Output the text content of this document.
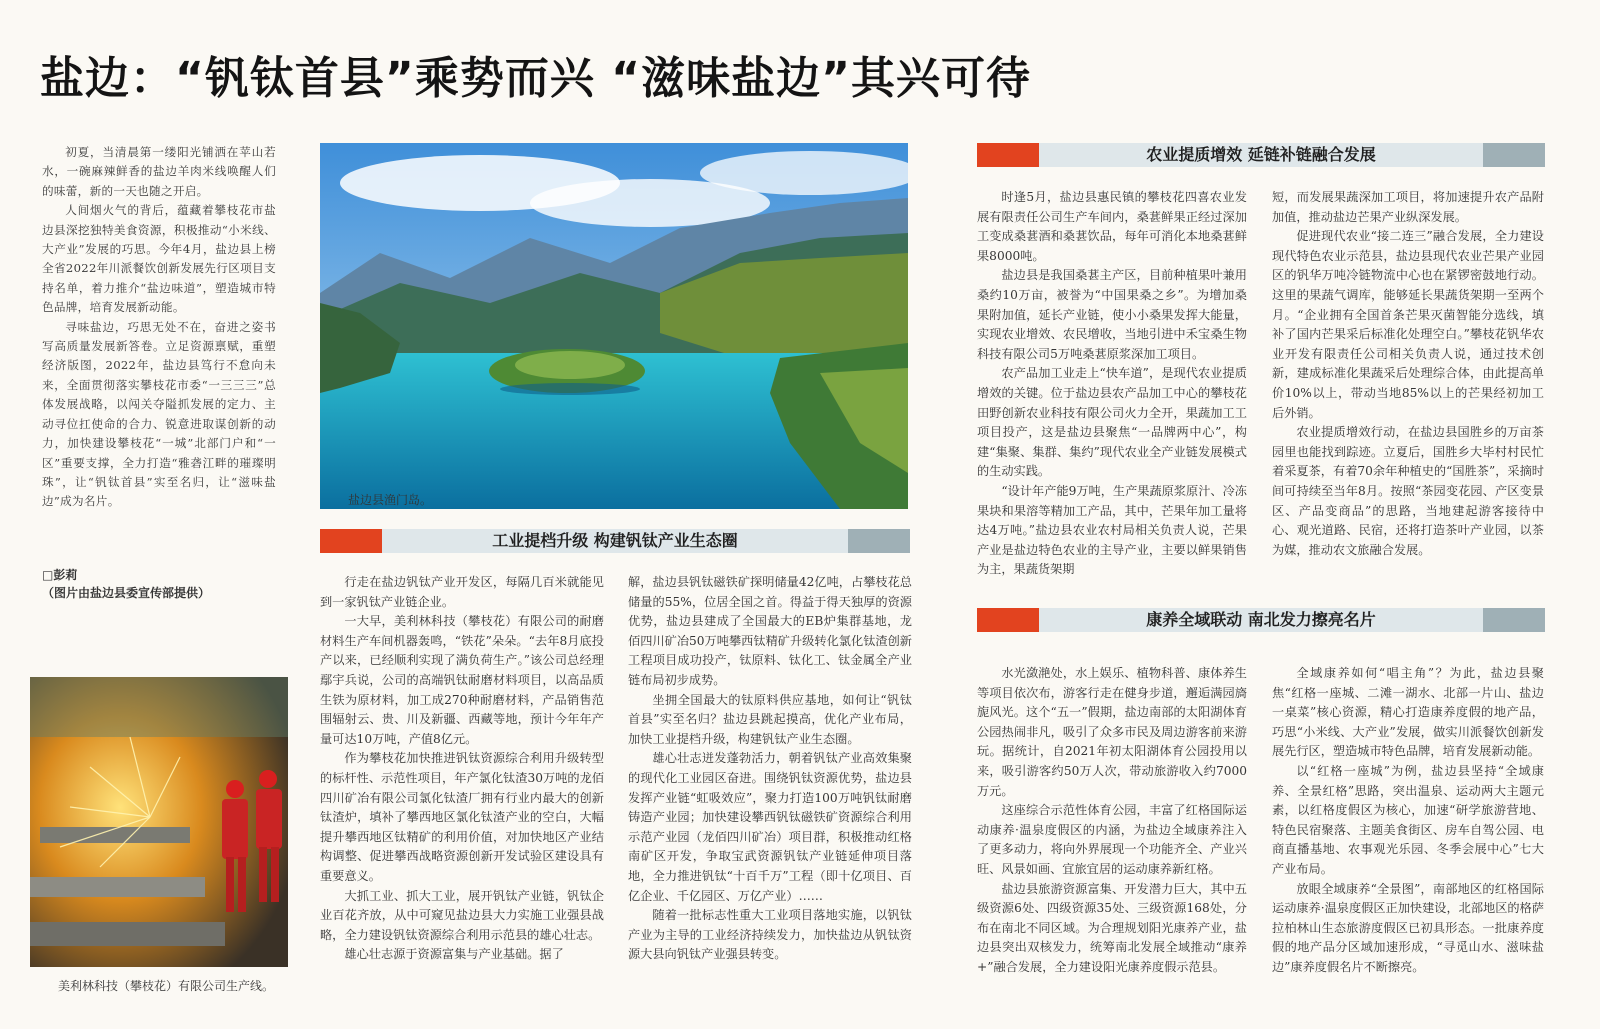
盐边：“钒钛首县”乘势而兴 “滋味盐边”其兴可待

初夏，当清晨第一缕阳光铺洒在苹山若水，一碗麻辣鲜香的盐边羊肉米线唤醒人们的味蕾，新的一天也随之开启。

人间烟火气的背后，蕴藏着攀枝花市盐边县深挖独特美食资源，积极推动“小米线、大产业”发展的巧思。今年4月，盐边县上榜全省2022年川派餐饮创新发展先行区项目支持名单，着力推介“盐边味道”，塑造城市特色品牌，培育发展新动能。

寻味盐边，巧思无处不在，奋进之姿书写高质量发展新答卷。立足资源禀赋，重塑经济版图，2022年，盐边县笃行不怠向未来，全面贯彻落实攀枝花市委“一三三三”总体发展战略，以闯关夺隘抓发展的定力、主动寻位扛使命的合力、锐意进取谋创新的动力，加快建设攀枝花“一城”北部门户和“一区”重要支撑，全力打造“雅砻江畔的璀璨明珠”，让“钒钛首县”实至名归，让“滋味盐边”成为名片。

□彭莉
（图片由盐边县委宣传部提供）
盐边县渔门岛。
美利林科技（攀枝花）有限公司生产线。
工业提档升级 构建钒钛产业生态圈

行走在盐边钒钛产业开发区，每隔几百米就能见到一家钒钛产业链企业。

一大早，美利林科技（攀枝花）有限公司的耐磨材料生产车间机器轰鸣，“铁花”朵朵。“去年8月底投产以来，已经顺利实现了满负荷生产。”该公司总经理鄢宇兵说，公司的高端钒钛耐磨材料项目，以高品质生铁为原材料，加工成270种耐磨材料，产品销售范围辐射云、贵、川及新疆、西藏等地，预计今年年产量可达10万吨，产值8亿元。

作为攀枝花加快推进钒钛资源综合利用升级转型的标杆性、示范性项目，年产氯化钛渣30万吨的龙佰四川矿冶有限公司氯化钛渣厂拥有行业内最大的创新钛渣炉，填补了攀西地区氯化钛渣产业的空白，大幅提升攀西地区钛精矿的利用价值，对加快地区产业结构调整、促进攀西战略资源创新开发试验区建设具有重要意义。

大抓工业、抓大工业，展开钒钛产业链，钒钛企业百花齐放，从中可窥见盐边县大力实施工业强县战略，全力建设钒钛资源综合利用示范县的雄心壮志。

雄心壮志源于资源富集与产业基础。据了

解，盐边县钒钛磁铁矿探明储量42亿吨，占攀枝花总储量的55%，位居全国之首。得益于得天独厚的资源优势，盐边县建成了全国最大的EB炉集群基地，龙佰四川矿冶50万吨攀西钛精矿升级转化氯化钛渣创新工程项目成功投产，钛原料、钛化工、钛金属全产业链布局初步成势。

坐拥全国最大的钛原料供应基地，如何让“钒钛首县”实至名归？盐边县跳起摸高，优化产业布局，加快工业提档升级，构建钒钛产业生态圈。

雄心壮志迸发蓬勃活力，朝着钒钛产业高效集聚的现代化工业园区奋进。围绕钒钛资源优势，盐边县发挥产业链“虹吸效应”，聚力打造100万吨钒钛耐磨铸造产业园；加快建设攀西钒钛磁铁矿资源综合利用示范产业园（龙佰四川矿冶）项目群，积极推动红格南矿区开发，争取宝武资源钒钛产业链延伸项目落地，全力推进钒钛“十百千万”工程（即十亿项目、百亿企业、千亿园区、万亿产业）……

随着一批标志性重大工业项目落地实施，以钒钛产业为主导的工业经济持续发力，加快盐边从钒钛资源大县向钒钛产业强县转变。

农业提质增效 延链补链融合发展

时逢5月，盐边县惠民镇的攀枝花四喜农业发展有限责任公司生产车间内，桑葚鲜果正经过深加工变成桑葚酒和桑葚饮品，每年可消化本地桑葚鲜果8000吨。

盐边县是我国桑葚主产区，目前种植果叶兼用桑约10万亩，被誉为“中国果桑之乡”。为增加桑果附加值，延长产业链，使小小桑果发挥大能量，实现农业增效、农民增收，当地引进中禾宝桑生物科技有限公司5万吨桑葚原浆深加工项目。

农产品加工业走上“快车道”，是现代农业提质增效的关键。位于盐边县农产品加工中心的攀枝花田野创新农业科技有限公司火力全开，果蔬加工工项目投产，这是盐边县聚焦“一品牌两中心”，构建“集聚、集群、集约”现代农业全产业链发展模式的生动实践。

“设计年产能9万吨，生产果蔬原浆原汁、冷冻果块和果溶等精加工产品，其中，芒果年加工量将达4万吨。”盐边县农业农村局相关负责人说，芒果产业是盐边特色农业的主导产业，主要以鲜果销售为主，果蔬货架期

短，而发展果蔬深加工项目，将加速提升农产品附加值，推动盐边芒果产业纵深发展。

促进现代农业“接二连三”融合发展，全力建设现代特色农业示范县，盐边县现代农业芒果产业园区的钒华万吨冷链物流中心也在紧锣密鼓地行动。这里的果蔬气调库，能够延长果蔬货架期一至两个月。“企业拥有全国首条芒果灭菌智能分选线，填补了国内芒果采后标准化处理空白。”攀枝花钒华农业开发有限责任公司相关负责人说，通过技术创新，建成标准化果蔬采后处理综合体，由此提高单价10%以上，带动当地85%以上的芒果经初加工后外销。

农业提质增效行动，在盐边县国胜乡的万亩茶园里也能找到踪迹。立夏后，国胜乡大毕村村民忙着采夏茶，有着70余年种植史的“国胜茶”，采摘时间可持续至当年8月。按照“茶园变花园、产区变景区、产品变商品”的思路，当地建起游客接待中心、观光道路、民宿，还将打造茶叶产业园，以茶为媒，推动农文旅融合发展。

康养全域联动 南北发力擦亮名片

水光潋滟处，水上娱乐、植物科普、康体养生等项目依次布，游客行走在健身步道，邂逅满园旖旎风光。这个“五一”假期，盐边南部的太阳湖体育公园热闹非凡，吸引了众多市民及周边游客前来游玩。据统计，自2021年初太阳湖体育公园投用以来，吸引游客约50万人次，带动旅游收入约7000万元。

这座综合示范性体育公园，丰富了红格国际运动康养·温泉度假区的内涵，为盐边全域康养注入了更多动力，将向外界展现一个功能齐全、产业兴旺、风景如画、宜旅宜居的运动康养新红格。

盐边县旅游资源富集、开发潜力巨大，其中五级资源6处、四级资源35处、三级资源168处，分布在南北不同区域。为合理规划阳光康养产业，盐边县突出双核发力，统筹南北发展全域推动“康养+”融合发展，全力建设阳光康养度假示范县。

全域康养如何“唱主角”？为此，盐边县聚焦“红格一座城、二滩一湖水、北部一片山、盐边一桌菜”核心资源，精心打造康养度假的地产品，巧思“小米线、大产业”发展，做实川派餐饮创新发展先行区，塑造城市特色品牌，培育发展新动能。

以“红格一座城”为例，盐边县坚持“全域康养、全景红格”思路，突出温泉、运动两大主题元素，以红格度假区为核心，加速“研学旅游营地、特色民宿聚落、主题美食街区、房车自驾公园、电商直播基地、农事观光乐园、冬季会展中心”七大产业布局。

放眼全域康养“全景图”，南部地区的红格国际运动康养·温泉度假区正加快建设，北部地区的格萨拉柏林山生态旅游度假区已初具形态。一批康养度假的地产品分区域加速形成，“寻觅山水、滋味盐边”康养度假名片不断擦亮。
